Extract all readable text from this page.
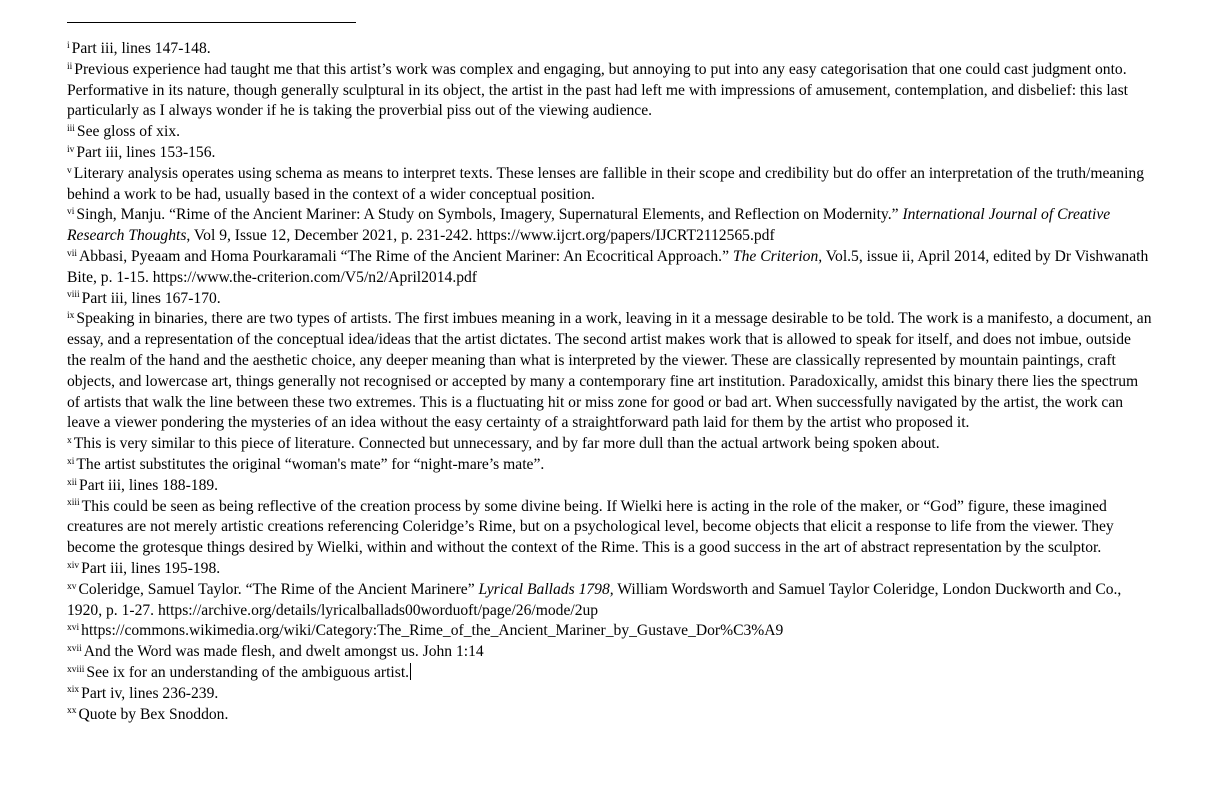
$^i$ Part iii, lines 147-148.

$^{ii}$ Previous experience had taught me that this artist’s work was complex and engaging, but annoying to put into any easy categorisation that one could cast judgment onto. Performative in its nature, though generally sculptural in its object, the artist in the past had left me with impressions of amusement, contemplation, and disbelief: this last particularly as I always wonder if he is taking the proverbial piss out of the viewing audience.

$^{iii}$ See gloss of xix.

$^{iv}$ Part iii, lines 153-156.

$^v$ Literary analysis operates using schema as means to interpret texts. These lenses are fallible in their scope and credibility but do offer an interpretation of the truth/meaning behind a work to be had, usually based in the context of a wider conceptual position.

$^{vi}$ Singh, Manju. “Rime of the Ancient Mariner: A Study on Symbols, Imagery, Supernatural Elements, and Reflection on Modernity.” International Journal of Creative Research Thoughts, Vol 9, Issue 12, December 2021, p. 231-242. https://www.ijcrt.org/papers/IJCRT2112565.pdf

$^{vii}$ Abbasi, Pyeaam and Homa Pourkaramali “The Rime of the Ancient Mariner: An Ecocritical Approach.” The Criterion, Vol.5, issue ii, April 2014, edited by Dr Vishwanath Bite, p. 1-15. https://www.the-criterion.com/V5/n2/April2014.pdf

$^{viii}$ Part iii, lines 167-170.

$^{ix}$ Speaking in binaries, there are two types of artists. The first imbues meaning in a work, leaving in it a message desirable to be told. The work is a manifesto, a document, an essay, and a representation of the conceptual idea/ideas that the artist dictates. The second artist makes work that is allowed to speak for itself, and does not imbue, outside the realm of the hand and the aesthetic choice, any deeper meaning than what is interpreted by the viewer. These are classically represented by mountain paintings, craft objects, and lowercase art, things generally not recognised or accepted by many a contemporary fine art institution. Paradoxically, amidst this binary there lies the spectrum of artists that walk the line between these two extremes. This is a fluctuating hit or miss zone for good or bad art. When successfully navigated by the artist, the work can leave a viewer pondering the mysteries of an idea without the easy certainty of a straightforward path laid for them by the artist who proposed it.

$^x$ This is very similar to this piece of literature. Connected but unnecessary, and by far more dull than the actual artwork being spoken about.

$^{xi}$ The artist substitutes the original “woman's mate” for “night-mare’s mate”.

$^{xii}$ Part iii, lines 188-189.

$^{xiii}$ This could be seen as being reflective of the creation process by some divine being. If Wielki here is acting in the role of the maker, or “God” figure, these imagined creatures are not merely artistic creations referencing Coleridge’s Rime, but on a psychological level, become objects that elicit a response to life from the viewer. They become the grotesque things desired by Wielki, within and without the context of the Rime. This is a good success in the art of abstract representation by the sculptor.

$^{xiv}$ Part iii, lines 195-198.

$^{xv}$ Coleridge, Samuel Taylor. “The Rime of the Ancient Marinere” Lyrical Ballads 1798, William Wordsworth and Samuel Taylor Coleridge, London Duckworth and Co., 1920, p. 1-27. https://archive.org/details/lyricalballads00worduoft/page/26/mode/2up

$^{xvi}$ https://commons.wikimedia.org/wiki/Category:The_Rime_of_the_Ancient_Mariner_by_Gustave_Dor%C3%A9

$^{xvii}$ And the Word was made flesh, and dwelt amongst us. John 1:14

$^{xviii}$ See ix for an understanding of the ambiguous artist.

$^{xix}$ Part iv, lines 236-239.

$^{xx}$ Quote by Bex Snoddon.
